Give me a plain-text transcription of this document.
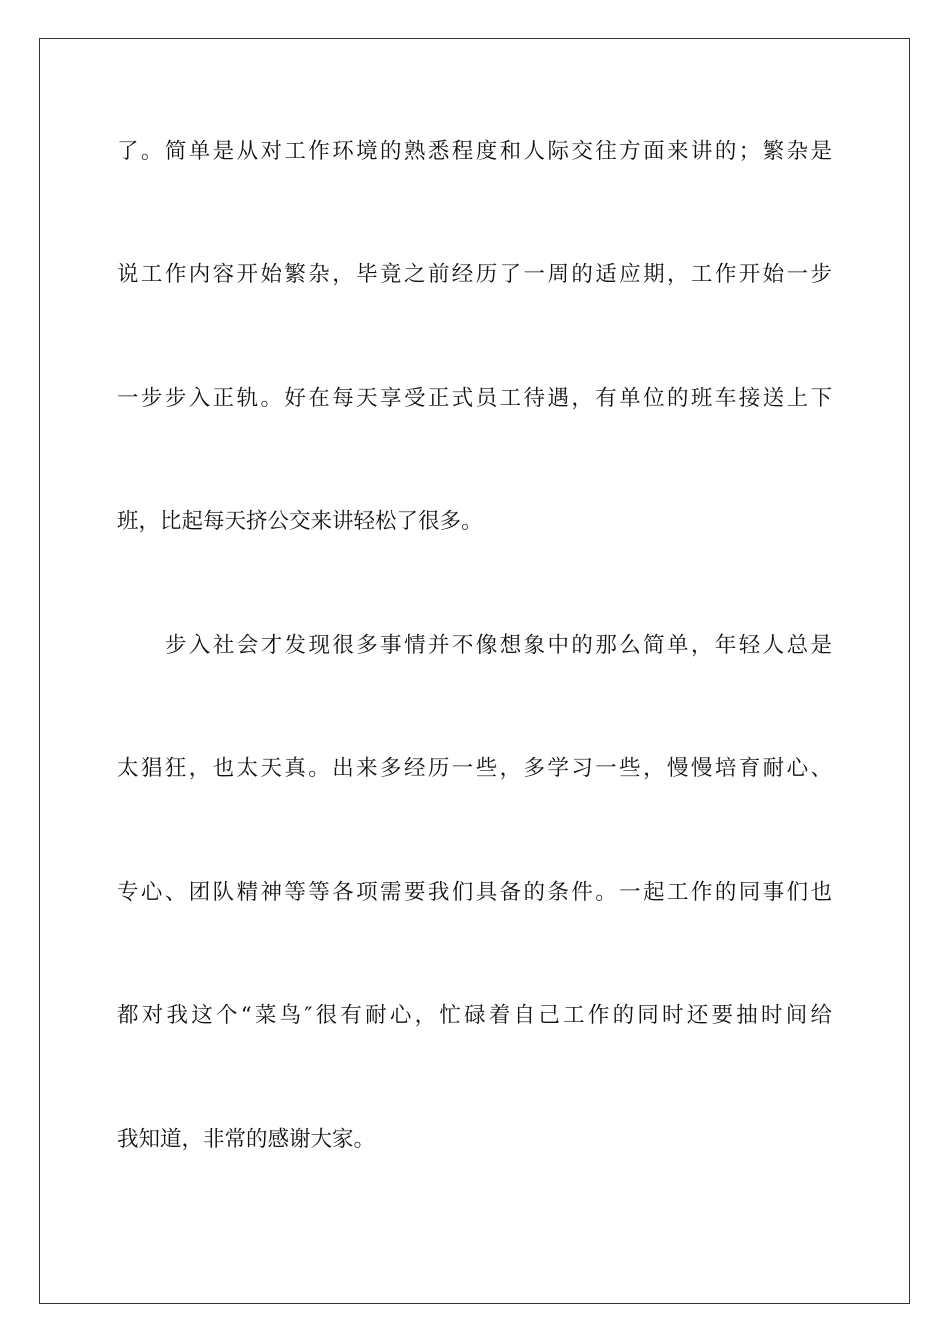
了。简单是从对工作环境的熟悉程度和人际交往方面来讲的；繁杂是
说工作内容开始繁杂，毕竟之前经历了一周的适应期，工作开始一步
一步步入正轨。好在每天享受正式员工待遇，有单位的班车接送上下
班，比起每天挤公交来讲轻松了很多。
步入社会才发现很多事情并不像想象中的那么简单，年轻人总是
太猖狂，也太天真。出来多经历一些，多学习一些，慢慢培育耐心、
专心、团队精神等等各项需要我们具备的条件。一起工作的同事们也
都对我这个“菜鸟″很有耐心，忙碌着自己工作的同时还要抽时间给
我知道，非常的感谢大家。
